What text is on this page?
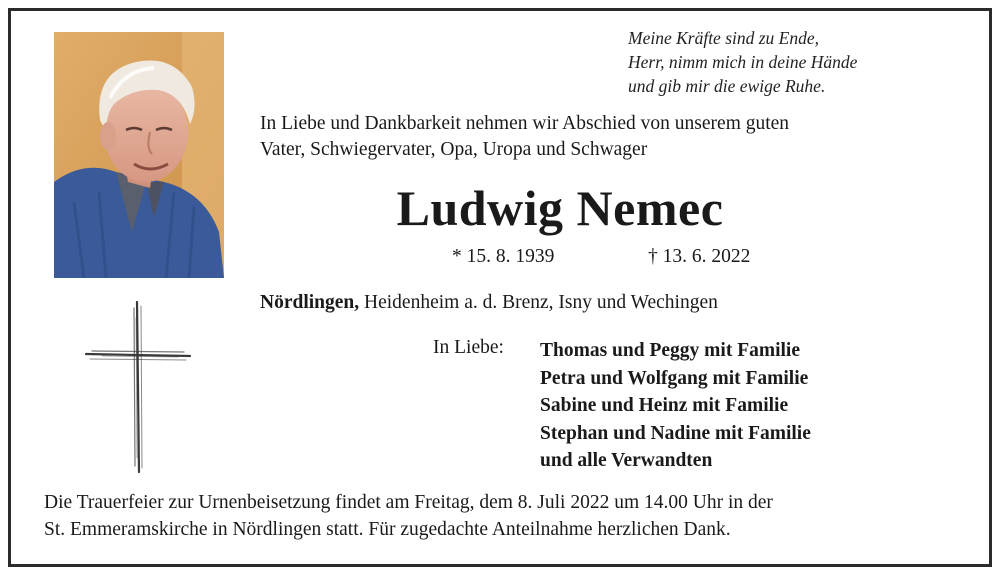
Meine Kräfte sind zu Ende,
Herr, nimm mich in deine Hände
und gib mir die ewige Ruhe.
In Liebe und Dankbarkeit nehmen wir Abschied von unserem guten
Vater, Schwiegervater, Opa, Uropa und Schwager
Ludwig Nemec
* 15. 8. 1939	† 13. 6. 2022
Nördlingen, Heidenheim a. d. Brenz, Isny und Wechingen
In Liebe: Thomas und Peggy mit Familie
Petra und Wolfgang mit Familie
Sabine und Heinz mit Familie
Stephan und Nadine mit Familie
und alle Verwandten
Die Trauerfeier zur Urnenbeisetzung findet am Freitag, dem 8. Juli 2022 um 14.00 Uhr in der
St. Emmeramskirche in Nördlingen statt. Für zugedachte Anteilnahme herzlichen Dank.
